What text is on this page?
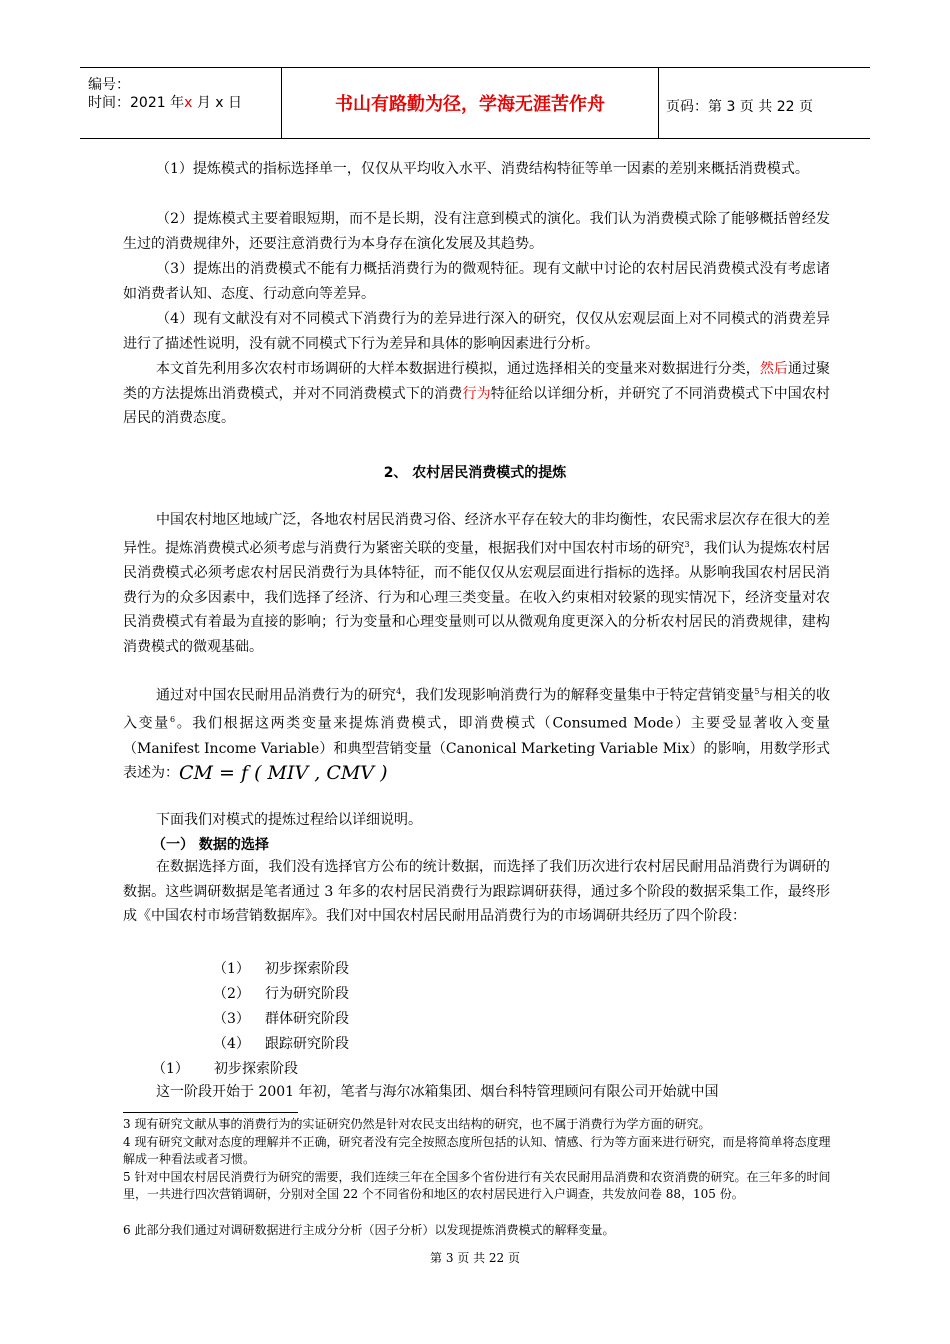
编号：
时间：2021 年x 月 x 日	书山有路勤为径，学海无涯苦作舟	页码：第 3 页 共 22 页

（1）提炼模式的指标选择单一，仅仅从平均收入水平、消费结构特征等单一因素的差别来概括消费模式。

（2）提炼模式主要着眼短期，而不是长期，没有注意到模式的演化。我们认为消费模式除了能够概括曾经发生过的消费规律外，还要注意消费行为本身存在演化发展及其趋势。

（3）提炼出的消费模式不能有力概括消费行为的微观特征。现有文献中讨论的农村居民消费模式没有考虑诸如消费者认知、态度、行动意向等差异。

（4）现有文献没有对不同模式下消费行为的差异进行深入的研究，仅仅从宏观层面上对不同模式的消费差异进行了描述性说明，没有就不同模式下行为差异和具体的影响因素进行分析。

本文首先利用多次农村市场调研的大样本数据进行模拟，通过选择相关的变量来对数据进行分类，然后通过聚类的方法提炼出消费模式，并对不同消费模式下的消费行为特征给以详细分析，并研究了不同消费模式下中国农村居民的消费态度。

2、 农村居民消费模式的提炼

中国农村地区地域广泛，各地农村居民消费习俗、经济水平存在较大的非均衡性，农民需求层次存在很大的差异性。提炼消费模式必须考虑与消费行为紧密关联的变量，根据我们对中国农村市场的研究$^3$，我们认为提炼农村居民消费模式必须考虑农村居民消费行为具体特征，而不能仅仅从宏观层面进行指标的选择。从影响我国农村居民消费行为的众多因素中，我们选择了经济、行为和心理三类变量。在收入约束相对较紧的现实情况下，经济变量对农民消费模式有着最为直接的影响；行为变量和心理变量则可以从微观角度更深入的分析农村居民的消费规律，建构消费模式的微观基础。

通过对中国农民耐用品消费行为的研究$^4$，我们发现影响消费行为的解释变量集中于特定营销变量$^5$与相关的收入变量$^6$。我们根据这两类变量来提炼消费模式，即消费模式（Consumed Mode）主要受显著收入变量（Manifest Income Variable）和典型营销变量（Canonical Marketing Variable Mix）的影响，用数学形式表述为：CM = f ( MIV , CMV )

下面我们对模式的提炼过程给以详细说明。

（一） 数据的选择

在数据选择方面，我们没有选择官方公布的统计数据，而选择了我们历次进行农村居民耐用品消费行为调研的数据。这些调研数据是笔者通过 3 年多的农村居民消费行为跟踪调研获得，通过多个阶段的数据采集工作，最终形成《中国农村市场营销数据库》。我们对中国农村居民耐用品消费行为的市场调研共经历了四个阶段：

（1） 初步探索阶段
（2） 行为研究阶段
（3） 群体研究阶段
（4） 跟踪研究阶段
（1） 初步探索阶段

这一阶段开始于 2001 年初，笔者与海尔冰箱集团、烟台科特管理顾问有限公司开始就中国

3 现有研究文献从事的消费行为的实证研究仍然是针对农民支出结构的研究，也不属于消费行为学方面的研究。
4 现有研究文献对态度的理解并不正确，研究者没有完全按照态度所包括的认知、情感、行为等方面来进行研究，而是将简单将态度理解成一种看法或者习惯。
5 针对中国农村居民消费行为研究的需要，我们连续三年在全国多个省份进行有关农民耐用品消费和农资消费的研究。在三年多的时间里，一共进行四次营销调研，分别对全国 22 个不同省份和地区的农村居民进行入户调查，共发放问卷 88，105 份。
6 此部分我们通过对调研数据进行主成分分析（因子分析）以发现提炼消费模式的解释变量。
第 3 页 共 22 页
